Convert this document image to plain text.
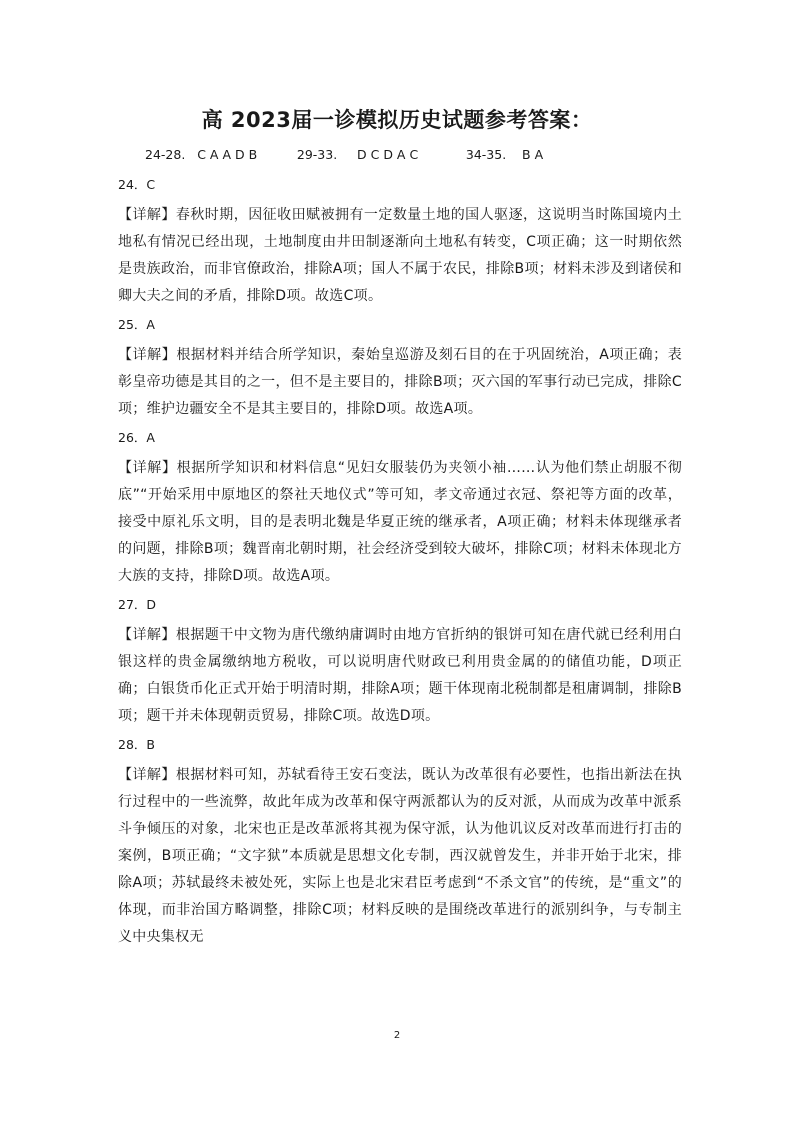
高 2023届一诊模拟历史试题参考答案：
24-28.   C A A D B          29-33.     D C D A C            34-35.    B A
24．C
【详解】春秋时期，因征收田赋被拥有一定数量土地的国人驱逐，这说明当时陈国境内土地私有情况已经出现，土地制度由井田制逐渐向土地私有转变，C项正确；这一时期依然是贵族政治，而非官僚政治，排除A项；国人不属于农民，排除B项；材料未涉及到诸侯和卿大夫之间的矛盾，排除D项。故选C项。
25．A
【详解】根据材料并结合所学知识，秦始皇巡游及刻石目的在于巩固统治，A项正确；表彰皇帝功德是其目的之一，但不是主要目的，排除B项；灭六国的军事行动已完成，排除C项；维护边疆安全不是其主要目的，排除D项。故选A项。
26．A
【详解】根据所学知识和材料信息“见妇女服装仍为夹领小袖……认为他们禁止胡服不彻底”“开始采用中原地区的祭社天地仪式”等可知，孝文帝通过衣冠、祭祀等方面的改革，接受中原礼乐文明，目的是表明北魏是华夏正统的继承者，A项正确；材料未体现继承者的问题，排除B项；魏晋南北朝时期，社会经济受到较大破坏，排除C项；材料未体现北方大族的支持，排除D项。故选A项。
27．D
【详解】根据题干中文物为唐代缴纳庸调时由地方官折纳的银饼可知在唐代就已经利用白银这样的贵金属缴纳地方税收，可以说明唐代财政已利用贵金属的的储值功能，D项正确；白银货币化正式开始于明清时期，排除A项；题干体现南北税制都是租庸调制，排除B项；题干并未体现朝贡贸易，排除C项。故选D项。
28．B
【详解】根据材料可知，苏轼看待王安石变法，既认为改革很有必要性，也指出新法在执行过程中的一些流弊，故此年成为改革和保守两派都认为的反对派，从而成为改革中派系斗争倾压的对象，北宋也正是改革派将其视为保守派，认为他讥议反对改革而进行打击的案例，B项正确；“文字狱”本质就是思想文化专制，西汉就曾发生，并非开始于北宋，排除A项；苏轼最终未被处死，实际上也是北宋君臣考虑到“不杀文官”的传统，是“重文”的体现，而非治国方略调整，排除C项；材料反映的是围绕改革进行的派别纠争，与专制主义中央集权无
2
